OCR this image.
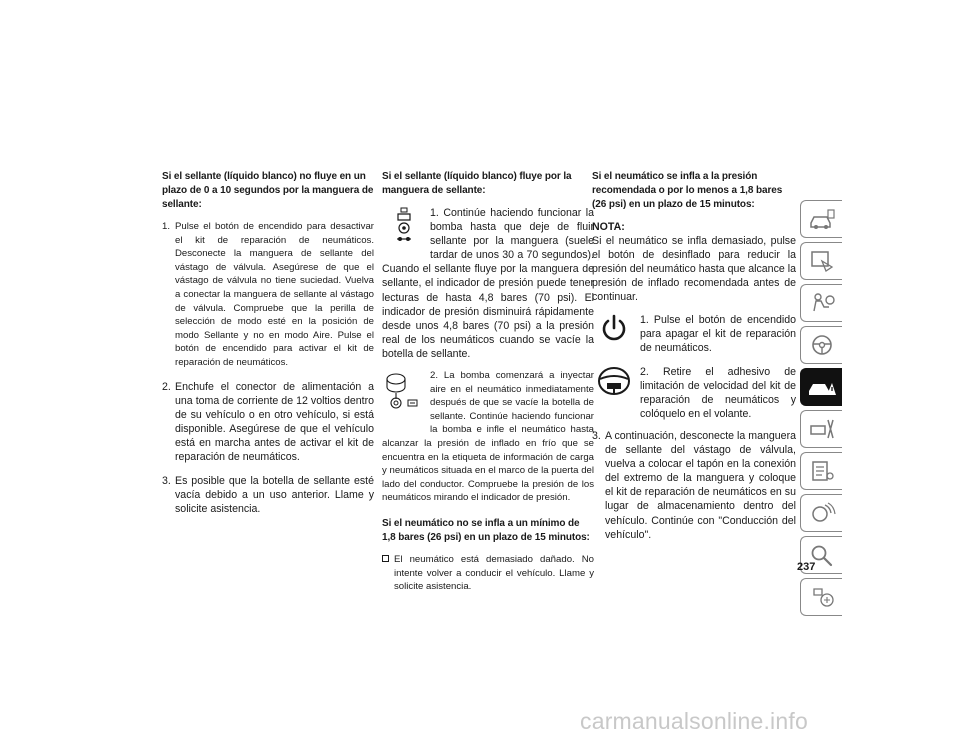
Si el sellante (líquido blanco) no fluye en un plazo de 0 a 10 segundos por la manguera de sellante:
1. Pulse el botón de encendido para desactivar el kit de reparación de neumáticos. Desconecte la manguera de sellante del vástago de válvula. Asegúrese de que el vástago de válvula no tiene suciedad. Vuelva a conectar la manguera de sellante al vástago de válvula. Compruebe que la perilla de selección de modo esté en la posición de modo Sellante y no en modo Aire. Pulse el botón de encendido para activar el kit de reparación de neumáticos.
2. Enchufe el conector de alimentación a una toma de corriente de 12 voltios dentro de su vehículo o en otro vehículo, si está disponible. Asegúrese de que el vehículo está en marcha antes de activar el kit de reparación de neumáticos.
3. Es posible que la botella de sellante esté vacía debido a un uso anterior. Llame y solicite asistencia.
Si el sellante (líquido blanco) fluye por la manguera de sellante:

1. Continúe haciendo funcionar la bomba hasta que deje de fluir sellante por la manguera (suele tardar de unos 30 a 70 segundos). Cuando el sellante fluye por la manguera de sellante, el indicador de presión puede tener lecturas de hasta 4,8 bares (70 psi). El indicador de presión disminuirá rápidamente desde unos 4,8 bares (70 psi) a la presión real de los neumáticos cuando se vacíe la botella de sellante.

2. La bomba comenzará a inyectar aire en el neumático inmediatamente después de que se vacíe la botella de sellante. Continúe haciendo funcionar la bomba e infle el neumático hasta alcanzar la presión de inflado en frío que se encuentra en la etiqueta de información de carga y neumáticos situada en el marco de la puerta del lado del conductor. Compruebe la presión de los neumáticos mirando el indicador de presión.

Si el neumático no se infla a un mínimo de 1,8 bares (26 psi) en un plazo de 15 minutos:
El neumático está demasiado dañado. No intente volver a conducir el vehículo. Llame y solicite asistencia.
Si el neumático se infla a la presión recomendada o por lo menos a 1,8 bares (26 psi) en un plazo de 15 minutos:
NOTA:

Si el neumático se infla demasiado, pulse el botón de desinflado para reducir la presión del neumático hasta que alcance la presión de inflado recomendada antes de continuar.

1. Pulse el botón de encendido para apagar el kit de reparación de neumáticos.

2. Retire el adhesivo de limitación de velocidad del kit de reparación de neumáticos y colóquelo en el volante.

3. A continuación, desconecte la manguera de sellante del vástago de válvula, vuelva a colocar el tapón en la conexión del extremo de la manguera y coloque el kit de reparación de neumáticos en su lugar de almacenamiento dentro del vehículo. Continúe con "Conducción del vehículo".
237
carmanualsonline.info
